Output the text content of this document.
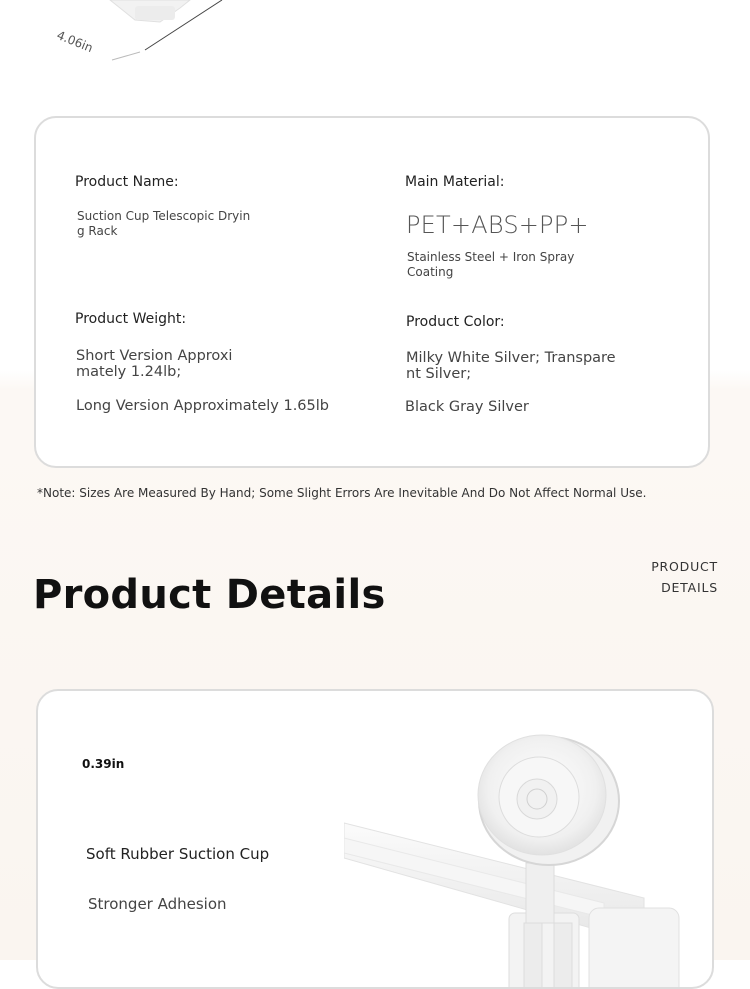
4.06in
Product Name:
Suction Cup Telescopic Dryin
g Rack
Main Material:
PET+ABS+PP+
Stainless Steel + Iron Spray
Coating
Product Weight:
Short Version Approxi
mately 1.24lb;
Long Version Approximately 1.65lb
Product Color:
Milky White Silver; Transpare
nt Silver;
Black Gray Silver
*Note: Sizes Are Measured By Hand; Some Slight Errors Are Inevitable And Do Not Affect Normal Use.
Product Details
PRODUCT
DETAILS
0.39in
Soft Rubber Suction Cup
Stronger Adhesion
